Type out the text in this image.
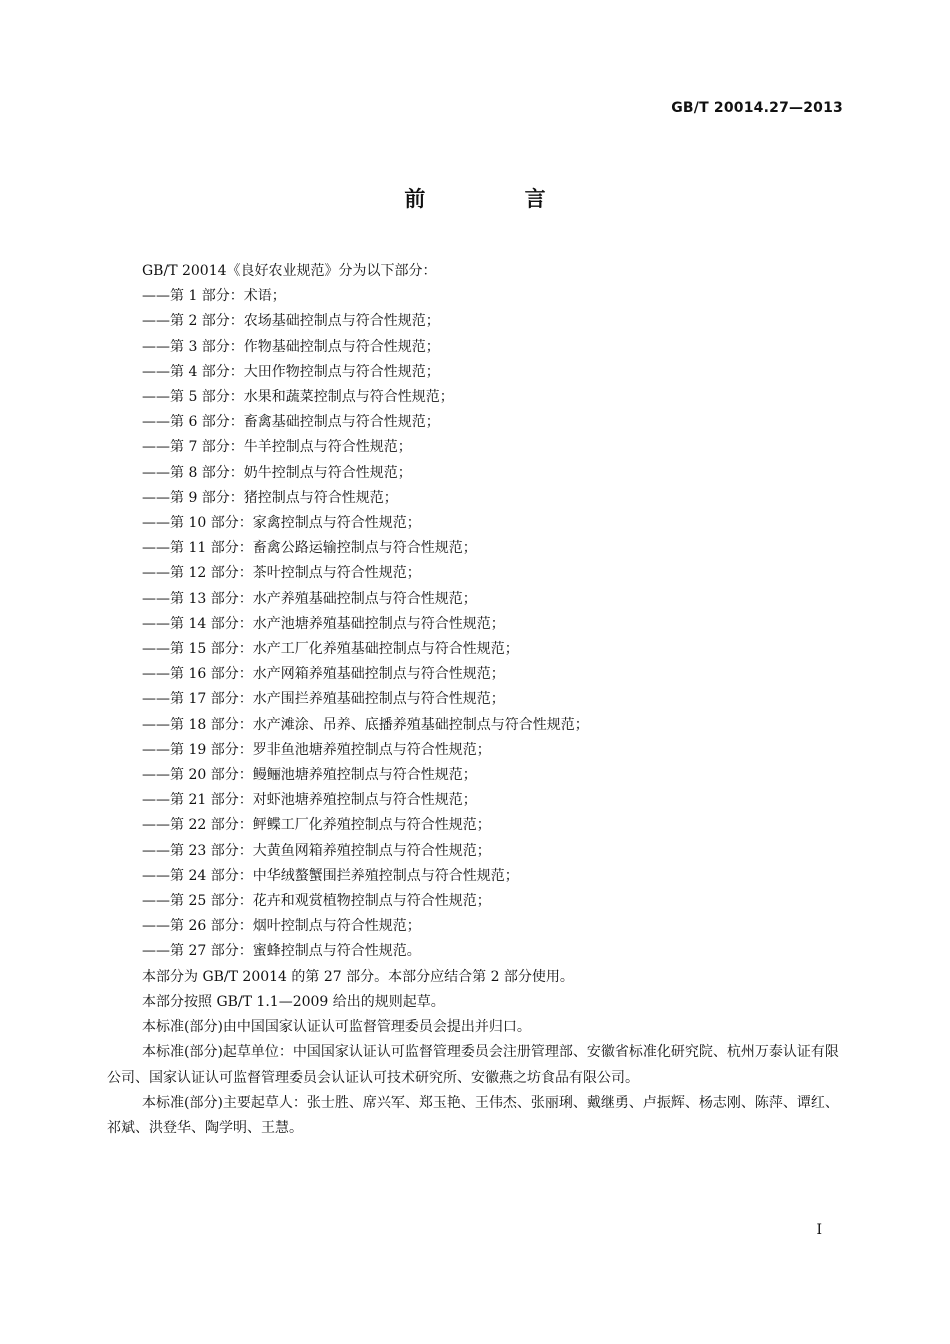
GB/T 20014.27—2013
前 言

GB/T 20014《良好农业规范》分为以下部分：

——第 1 部分：术语；

——第 2 部分：农场基础控制点与符合性规范；

——第 3 部分：作物基础控制点与符合性规范；

——第 4 部分：大田作物控制点与符合性规范；

——第 5 部分：水果和蔬菜控制点与符合性规范；

——第 6 部分：畜禽基础控制点与符合性规范；

——第 7 部分：牛羊控制点与符合性规范；

——第 8 部分：奶牛控制点与符合性规范；

——第 9 部分：猪控制点与符合性规范；

——第 10 部分：家禽控制点与符合性规范；

——第 11 部分：畜禽公路运输控制点与符合性规范；

——第 12 部分：茶叶控制点与符合性规范；

——第 13 部分：水产养殖基础控制点与符合性规范；

——第 14 部分：水产池塘养殖基础控制点与符合性规范；

——第 15 部分：水产工厂化养殖基础控制点与符合性规范；

——第 16 部分：水产网箱养殖基础控制点与符合性规范；

——第 17 部分：水产围拦养殖基础控制点与符合性规范；

——第 18 部分：水产滩涂、吊养、底播养殖基础控制点与符合性规范；

——第 19 部分：罗非鱼池塘养殖控制点与符合性规范；

——第 20 部分：鳗鲡池塘养殖控制点与符合性规范；

——第 21 部分：对虾池塘养殖控制点与符合性规范；

——第 22 部分：鲆鲽工厂化养殖控制点与符合性规范；

——第 23 部分：大黄鱼网箱养殖控制点与符合性规范；

——第 24 部分：中华绒螯蟹围拦养殖控制点与符合性规范；

——第 25 部分：花卉和观赏植物控制点与符合性规范；

——第 26 部分：烟叶控制点与符合性规范；

——第 27 部分：蜜蜂控制点与符合性规范。

本部分为 GB/T 20014 的第 27 部分。本部分应结合第 2 部分使用。

本部分按照 GB/T 1.1—2009 给出的规则起草。

本标准(部分)由中国国家认证认可监督管理委员会提出并归口。

本标准(部分)起草单位：中国国家认证认可监督管理委员会注册管理部、安徽省标准化研究院、杭州万泰认证有限公司、国家认证认可监督管理委员会认证认可技术研究所、安徽燕之坊食品有限公司。

本标准(部分)主要起草人：张士胜、席兴军、郑玉艳、王伟杰、张丽琍、戴继勇、卢振辉、杨志刚、陈萍、谭红、祁斌、洪登华、陶学明、王慧。

I
